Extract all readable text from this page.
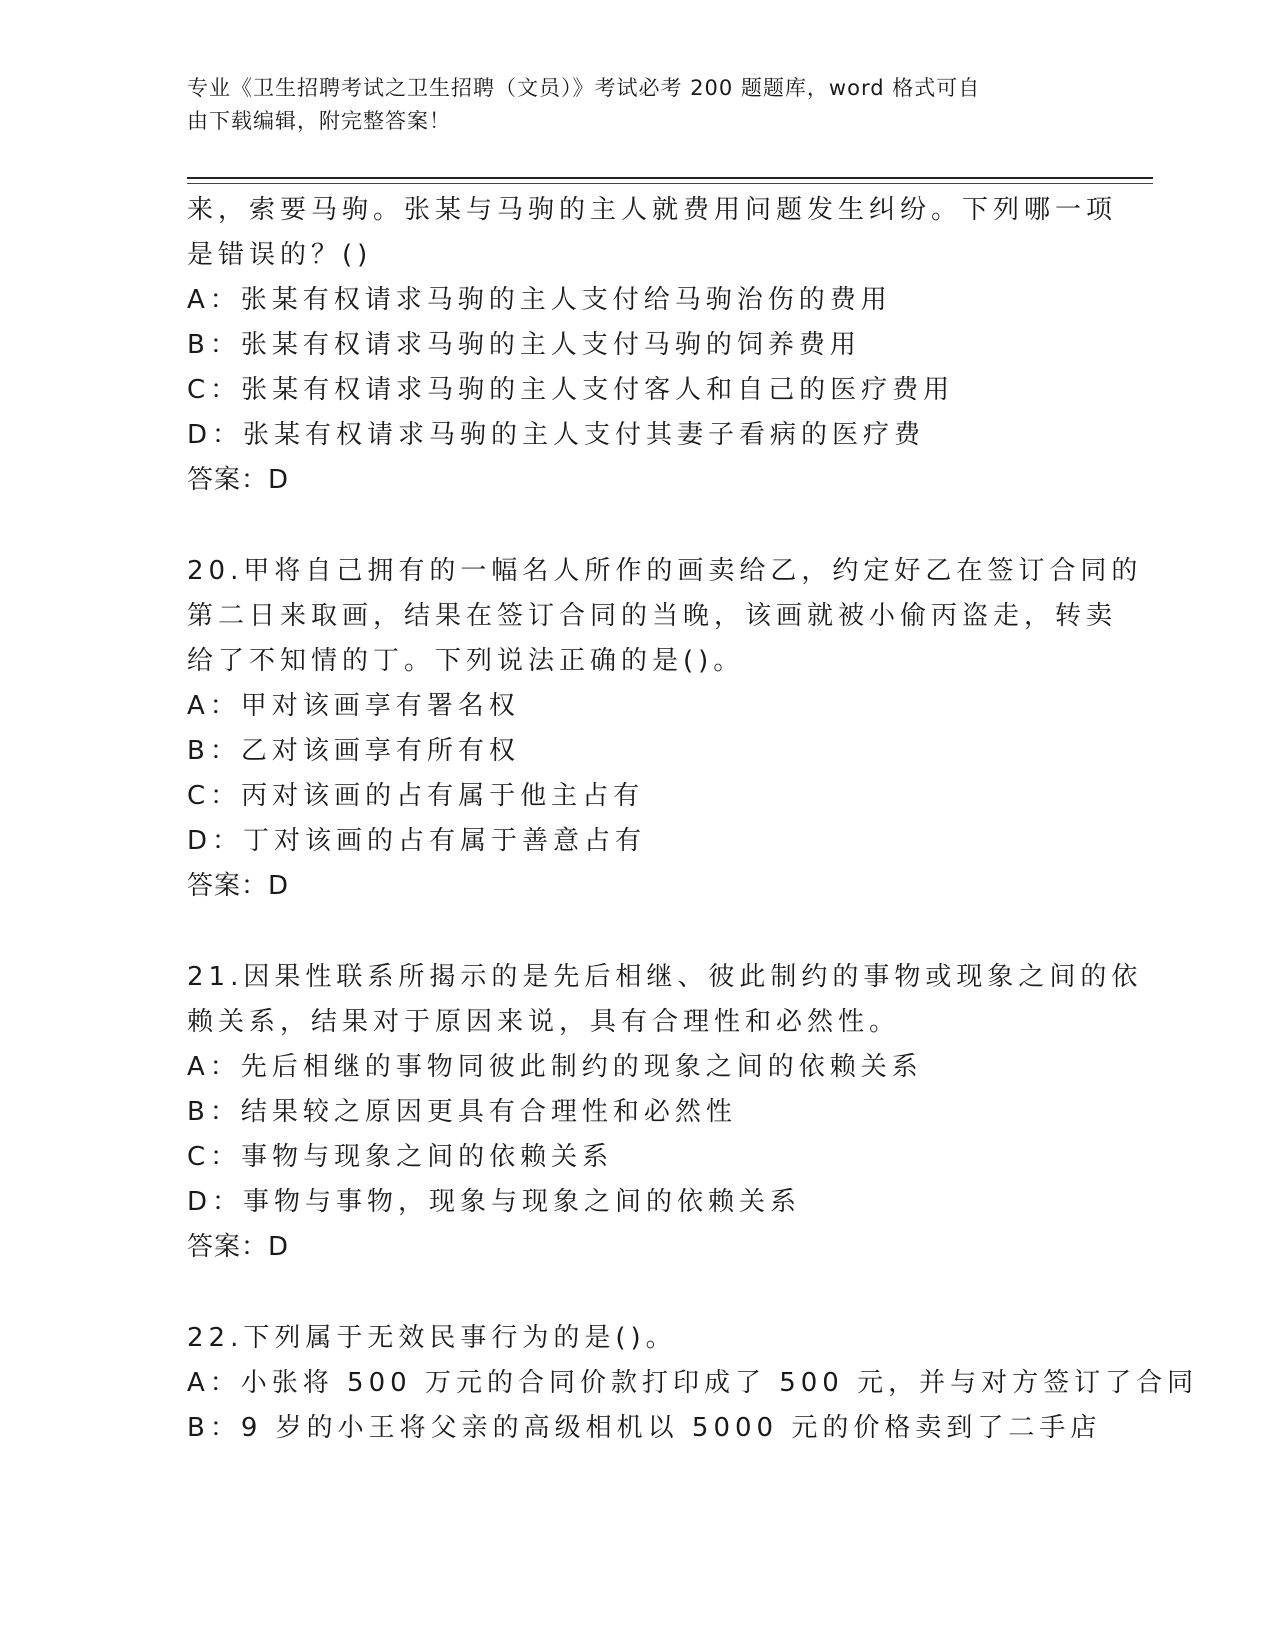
专业《卫生招聘考试之卫生招聘（文员）》考试必考 200 题题库，word 格式可自
由下载编辑，附完整答案！
来，索要马驹。张某与马驹的主人就费用问题发生纠纷。下列哪一项
是错误的？()
A：张某有权请求马驹的主人支付给马驹治伤的费用
B：张某有权请求马驹的主人支付马驹的饲养费用
C：张某有权请求马驹的主人支付客人和自己的医疗费用
D：张某有权请求马驹的主人支付其妻子看病的医疗费
答案：D
20.甲将自己拥有的一幅名人所作的画卖给乙，约定好乙在签订合同的
第二日来取画，结果在签订合同的当晚，该画就被小偷丙盗走，转卖
给了不知情的丁。下列说法正确的是()。
A：甲对该画享有署名权
B：乙对该画享有所有权
C：丙对该画的占有属于他主占有
D：丁对该画的占有属于善意占有
答案：D
21.因果性联系所揭示的是先后相继、彼此制约的事物或现象之间的依
赖关系，结果对于原因来说，具有合理性和必然性。
A：先后相继的事物同彼此制约的现象之间的依赖关系
B：结果较之原因更具有合理性和必然性
C：事物与现象之间的依赖关系
D：事物与事物，现象与现象之间的依赖关系
答案：D
22.下列属于无效民事行为的是()。
A：小张将 500 万元的合同价款打印成了 500 元，并与对方签订了合同
B：9 岁的小王将父亲的高级相机以 5000 元的价格卖到了二手店
